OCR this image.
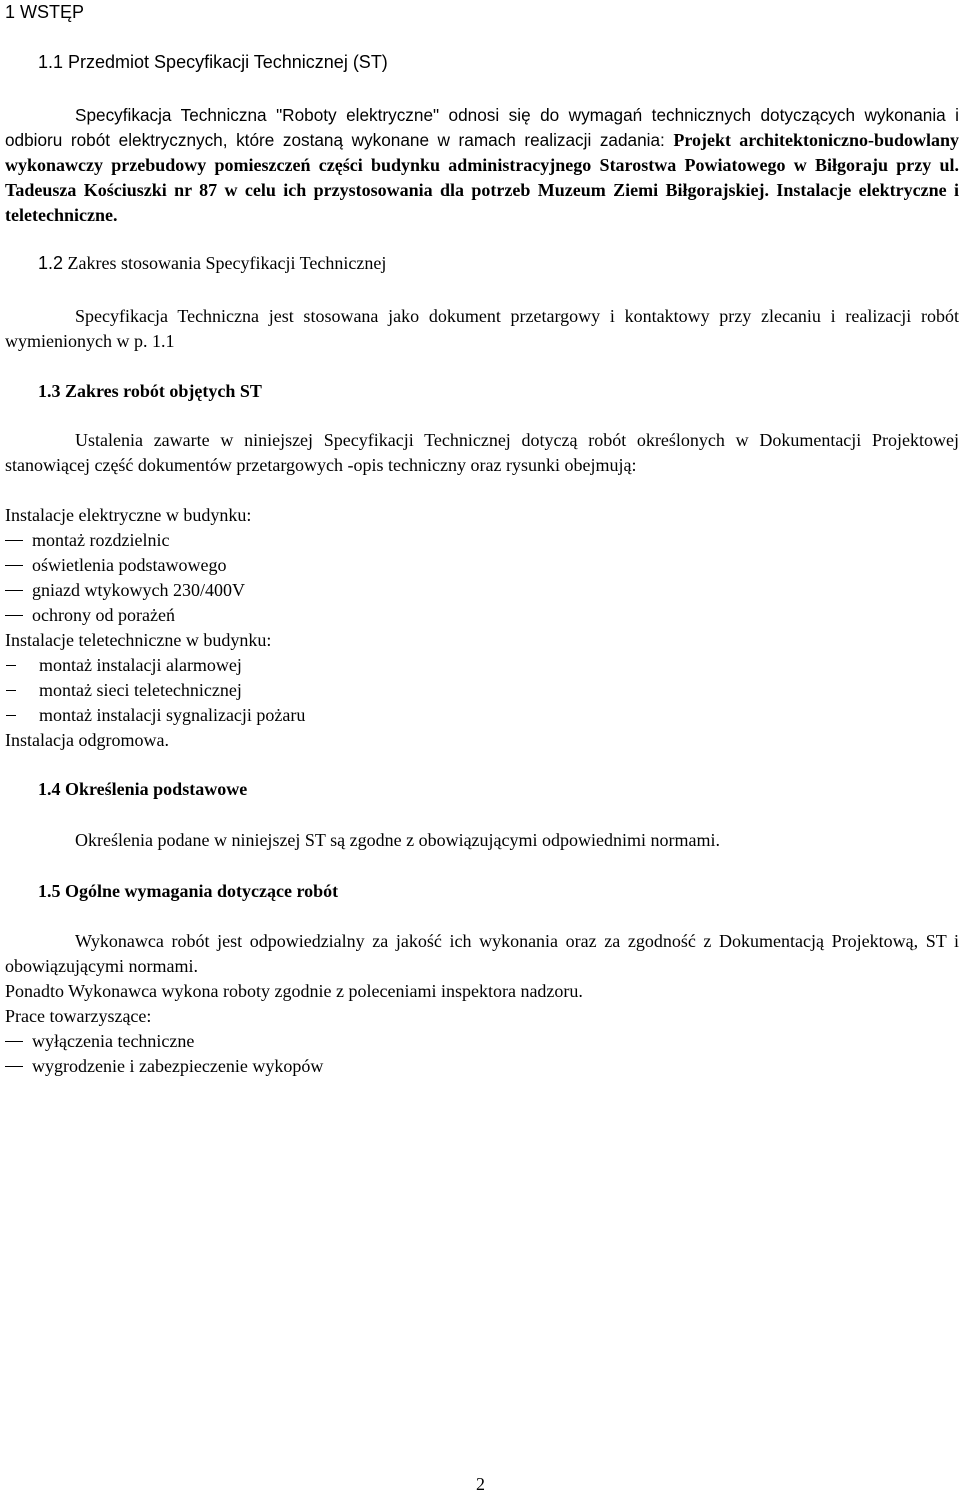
1 WSTĘP
1.1 Przedmiot Specyfikacji Technicznej (ST)
Specyfikacja Techniczna "Roboty elektryczne" odnosi się do wymagań technicznych dotyczących wykonania i odbioru robót elektrycznych, które zostaną wykonane w ramach realizacji zadania: Projekt architektoniczno-budowlany wykonawczy przebudowy pomieszczeń części budynku administracyjnego Starostwa Powiatowego w Biłgoraju przy ul. Tadeusza Kościuszki nr 87 w celu ich przystosowania dla potrzeb Muzeum Ziemi Biłgorajskiej. Instalacje elektryczne i teletechniczne.
1.2 Zakres stosowania Specyfikacji Technicznej
Specyfikacja Techniczna jest stosowana jako dokument przetargowy i kontaktowy przy zlecaniu i realizacji robót wymienionych w p. 1.1
1.3 Zakres robót objętych ST
Ustalenia zawarte w niniejszej Specyfikacji Technicznej dotyczą robót określonych w Dokumentacji Projektowej stanowiącej część dokumentów przetargowych -opis techniczny oraz rysunki obejmują:
Instalacje elektryczne w budynku:
montaż rozdzielnic
oświetlenia podstawowego
gniazd wtykowych 230/400V
ochrony od porażeń
Instalacje teletechniczne w budynku:
montaż instalacji alarmowej
montaż sieci teletechnicznej
montaż instalacji sygnalizacji pożaru
Instalacja odgromowa.
1.4 Określenia podstawowe
Określenia podane w niniejszej ST są zgodne z obowiązującymi odpowiednimi normami.
1.5 Ogólne wymagania dotyczące robót
Wykonawca robót jest odpowiedzialny za jakość ich wykonania oraz za zgodność z Dokumentacją Projektową, ST i obowiązującymi normami.
Ponadto Wykonawca wykona roboty zgodnie z poleceniami inspektora nadzoru.
Prace towarzyszące:
wyłączenia techniczne
wygrodzenie i zabezpieczenie wykopów
2
